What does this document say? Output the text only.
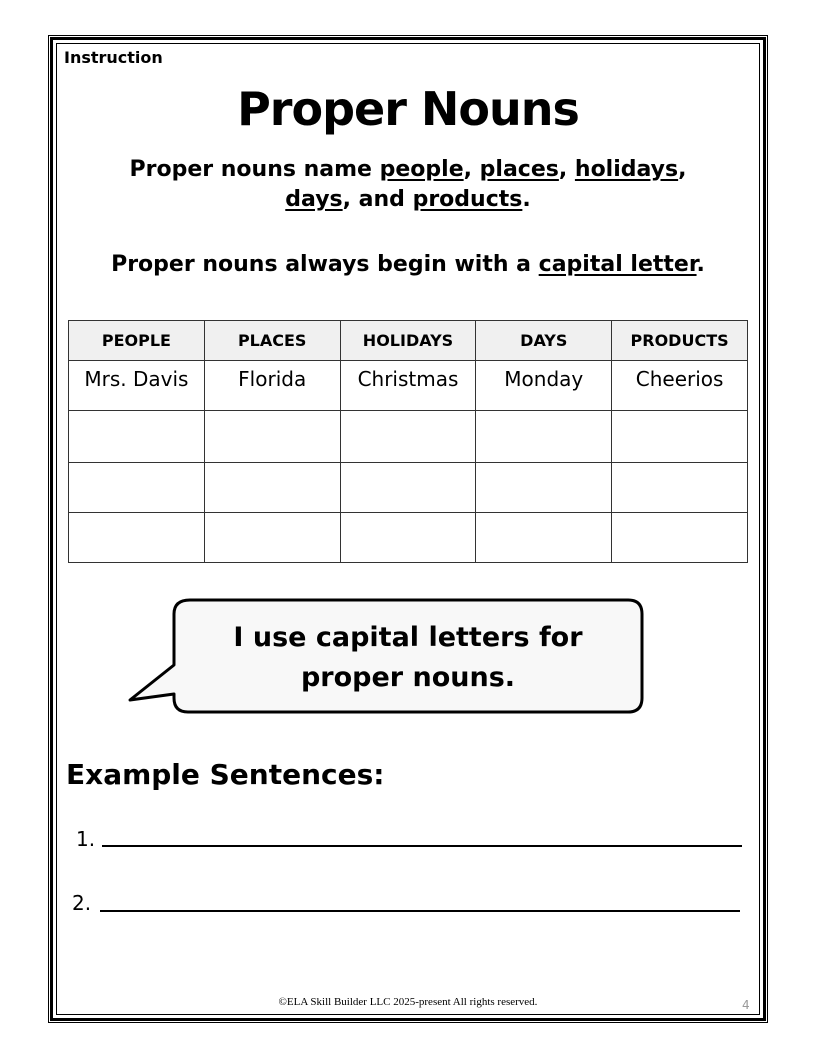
Instruction
Proper Nouns
Proper nouns name people, places, holidays,
days, and products.
Proper nouns always begin with a capital letter.
PEOPLE	PLACES	HOLIDAYS	DAYS	PRODUCTS
Mrs. Davis	Florida	Christmas	Monday	Cheerios

I use capital letters for
proper nouns.
Example Sentences:
1.
2.
©ELA Skill Builder LLC 2025-present All rights reserved.	4
